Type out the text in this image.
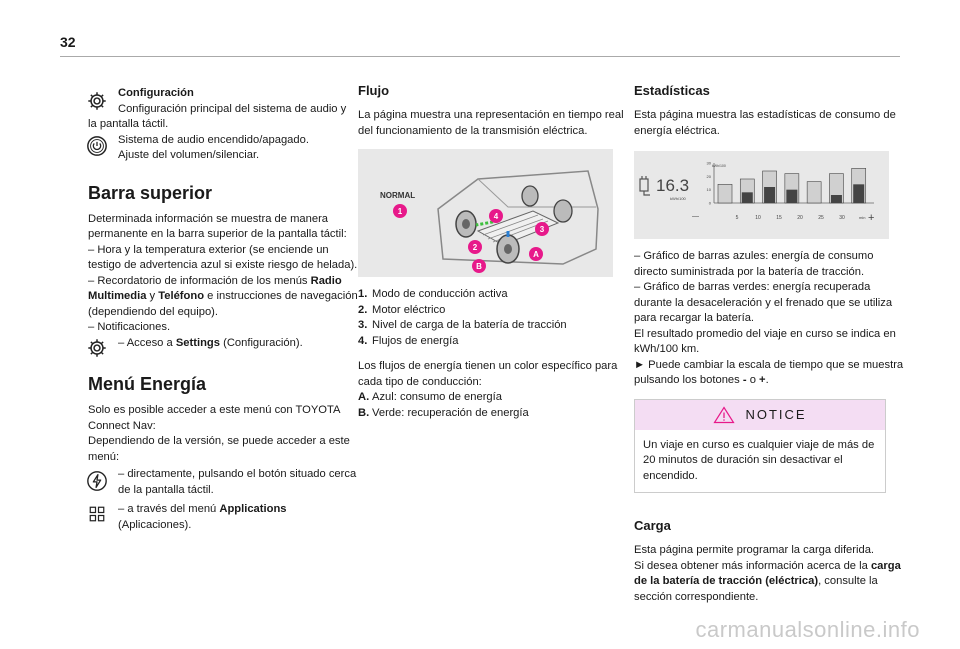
32

Configuración

Configuración principal del sistema de audio y la pantalla táctil.

Sistema de audio encendido/apagado.

Ajuste del volumen/silenciar.

Barra superior

Determinada información se muestra de manera permanente en la barra superior de la pantalla táctil:

– Hora y la temperatura exterior (se enciende un testigo de advertencia azul si existe riesgo de helada).

– Recordatorio de información de los menús Radio Multimedia y Teléfono e instrucciones de navegación (dependiendo del equipo).

– Notificaciones.

– Acceso a Settings (Configuración).

Menú Energía

Solo es posible acceder a este menú con TOYOTA Connect Nav:

Dependiendo de la versión, se puede acceder a este menú:

– directamente, pulsando el botón situado cerca de la pantalla táctil.

– a través del menú Applications (Aplicaciones).

Flujo

La página muestra una representación en tiempo real del funcionamiento de la transmisión eléctrica.

NORMAL
1
2
3
4
A
B
1. Modo de conducción activa
2. Motor eléctrico
3. Nivel de carga de la batería de tracción
4. Flujos de energía

Los flujos de energía tienen un color específico para cada tipo de conducción:

A. Azul: consumo de energía
B. Verde: recuperación de energía
Estadísticas

Esta página muestra las estadísticas de consumo de energía eléctrica.

16.3
kWh/100
kWh/100
30
20
10
0
—	5	10	15	20	25	30	min +

– Gráfico de barras azules: energía de consumo directo suministrada por la batería de tracción.

– Gráfico de barras verdes: energía recuperada durante la desaceleración y el frenado que se utiliza para recargar la batería.

El resultado promedio del viaje en curso se indica en kWh/100 km.

► Puede cambiar la escala de tiempo que se muestra pulsando los botones - o +.

NOTICE

Un viaje en curso es cualquier viaje de más de 20 minutos de duración sin desactivar el encendido.

Carga

Esta página permite programar la carga diferida.

Si desea obtener más información acerca de la carga de la batería de tracción (eléctrica), consulte la sección correspondiente.

carmanualsonline.info
